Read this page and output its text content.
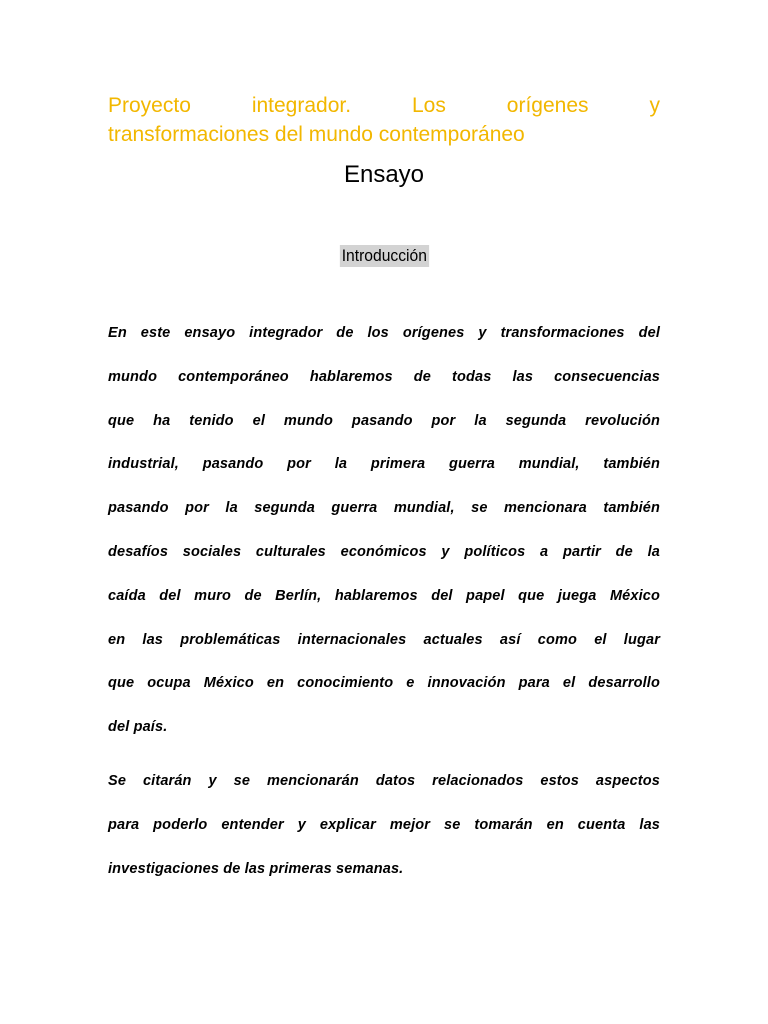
Proyecto	integrador.	Los	orígenes	y
transformaciones del mundo contemporáneo
Ensayo
Introducción
En este ensayo integrador de los orígenes y transformaciones del
mundo contemporáneo hablaremos de todas las consecuencias
que ha tenido el mundo pasando por la segunda revolución
industrial, pasando por la primera guerra mundial, también
pasando por la segunda guerra mundial, se mencionara también
desafíos sociales culturales económicos y políticos a partir de la
caída del muro de Berlín, hablaremos del papel que juega México
en las problemáticas internacionales actuales así como el lugar
que ocupa México en conocimiento e innovación para el desarrollo
del país.
Se citarán y se mencionarán datos relacionados estos aspectos
para poderlo entender y explicar mejor se tomarán en cuenta las
investigaciones de las primeras semanas.
